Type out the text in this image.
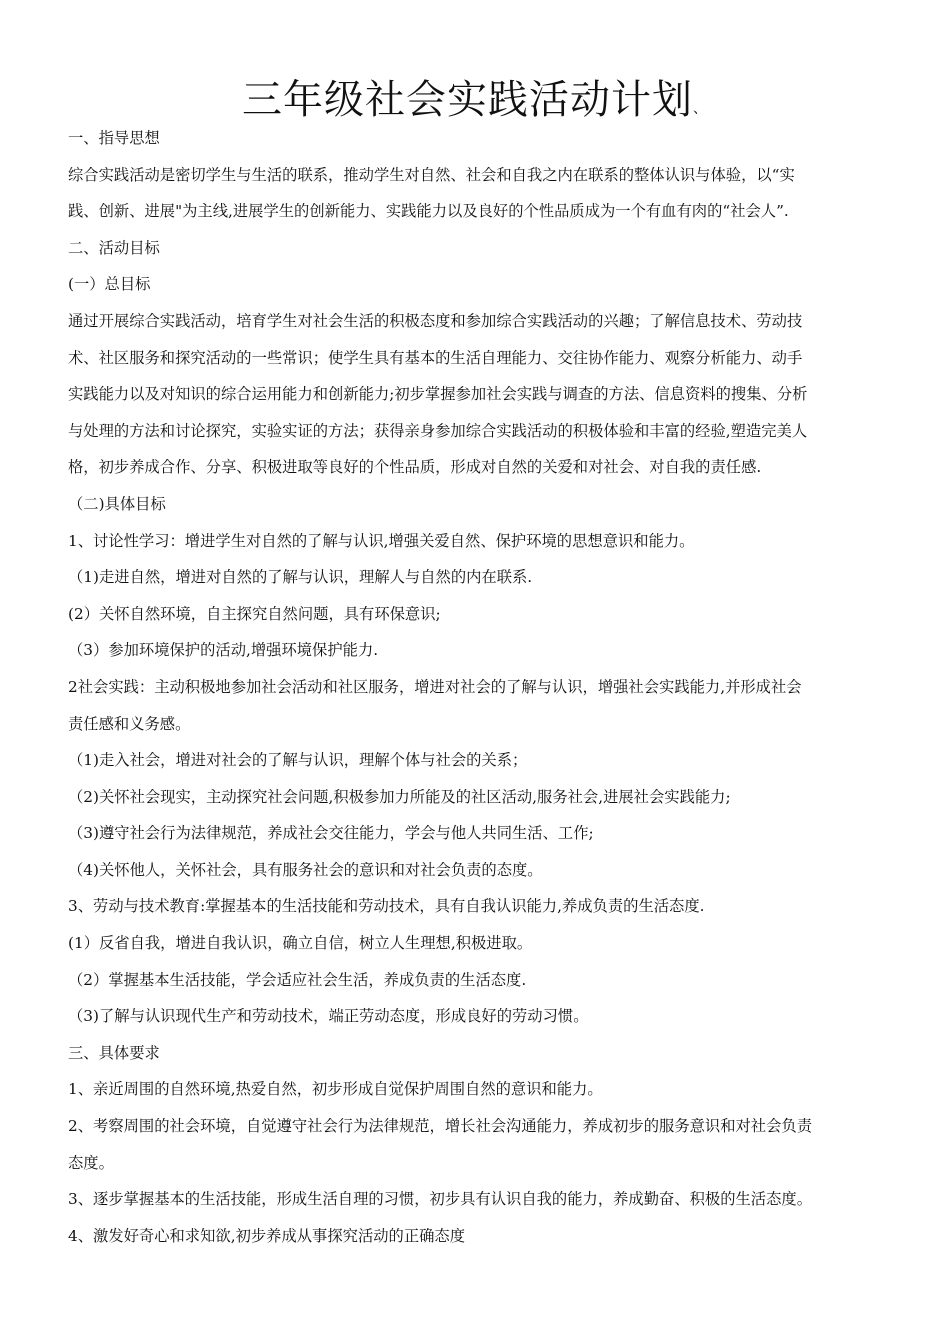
三年级社会实践活动计划、
一、指导思想
综合实践活动是密切学生与生活的联系，推动学生对自然、社会和自我之内在联系的整体认识与体验，以“实
践、创新、进展"为主线,进展学生的创新能力、实践能力以及良好的个性品质成为一个有血有肉的“社会人”.
二、活动目标
(一）总目标
通过开展综合实践活动，培育学生对社会生活的积极态度和参加综合实践活动的兴趣；了解信息技术、劳动技
术、社区服务和探究活动的一些常识；使学生具有基本的生活自理能力、交往协作能力、观察分析能力、动手
实践能力以及对知识的综合运用能力和创新能力;初步掌握参加社会实践与调查的方法、信息资料的搜集、分析
与处理的方法和讨论探究，实验实证的方法；获得亲身参加综合实践活动的积极体验和丰富的经验,塑造完美人
格，初步养成合作、分享、积极进取等良好的个性品质，形成对自然的关爱和对社会、对自我的责任感.
（二)具体目标
1、讨论性学习：增进学生对自然的了解与认识,增强关爱自然、保护环境的思想意识和能力。
（1)走进自然，增进对自然的了解与认识，理解人与自然的内在联系.
(2）关怀自然环境，自主探究自然问题，具有环保意识;
（3）参加环境保护的活动,增强环境保护能力.
2社会实践：主动积极地参加社会活动和社区服务，增进对社会的了解与认识，增强社会实践能力,并形成社会
责任感和义务感。
（1)走入社会，增进对社会的了解与认识，理解个体与社会的关系；
（2)关怀社会现实，主动探究社会问题,积极参加力所能及的社区活动,服务社会,进展社会实践能力;
（3)遵守社会行为法律规范，养成社会交往能力，学会与他人共同生活、工作;
（4)关怀他人，关怀社会，具有服务社会的意识和对社会负责的态度。
3、劳动与技术教育:掌握基本的生活技能和劳动技术，具有自我认识能力,养成负责的生活态度.
(1）反省自我，增进自我认识，确立自信，树立人生理想,积极进取。
（2）掌握基本生活技能，学会适应社会生活，养成负责的生活态度.
（3)了解与认识现代生产和劳动技术，端正劳动态度，形成良好的劳动习惯。
三、具体要求
1、亲近周围的自然环境,热爱自然，初步形成自觉保护周围自然的意识和能力。
2、考察周围的社会环境，自觉遵守社会行为法律规范，增长社会沟通能力，养成初步的服务意识和对社会负责
态度。
3、逐步掌握基本的生活技能，形成生活自理的习惯，初步具有认识自我的能力，养成勤奋、积极的生活态度。
4、激发好奇心和求知欲,初步养成从事探究活动的正确态度
